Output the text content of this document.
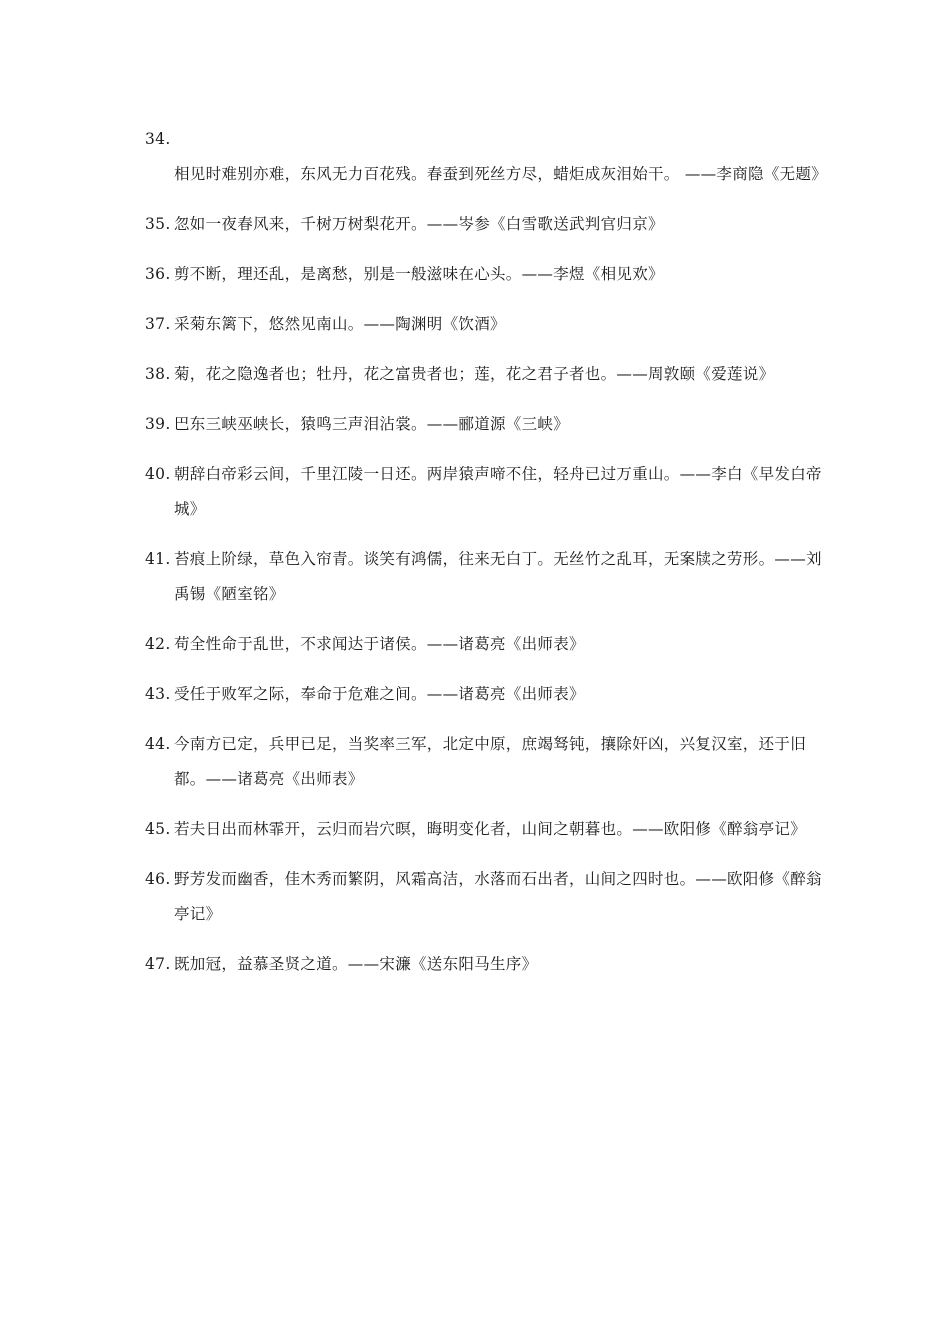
34.相见时难别亦难，东风无力百花残。春蚕到死丝方尽，蜡炬成灰泪始干。 ——李商隐《无题》
35. 忽如一夜春风来，千树万树梨花开。——岑参《白雪歌送武判官归京》
36. 剪不断，理还乱，是离愁，别是一般滋味在心头。——李煜《相见欢》
37. 采菊东篱下，悠然见南山。——陶渊明《饮酒》
38. 菊，花之隐逸者也；牡丹，花之富贵者也；莲，花之君子者也。——周敦颐《爱莲说》
39. 巴东三峡巫峡长，猿鸣三声泪沾裳。——郦道源《三峡》
40. 朝辞白帝彩云间，千里江陵一日还。两岸猿声啼不住，轻舟已过万重山。——李白《早发白帝城》
41. 苔痕上阶绿，草色入帘青。谈笑有鸿儒，往来无白丁。无丝竹之乱耳，无案牍之劳形。——刘禹锡《陋室铭》
42. 苟全性命于乱世，不求闻达于诸侯。——诸葛亮《出师表》
43. 受任于败军之际，奉命于危难之间。——诸葛亮《出师表》
44. 今南方已定，兵甲已足，当奖率三军，北定中原，庶竭驽钝，攘除奸凶，兴复汉室，还于旧都。——诸葛亮《出师表》
45. 若夫日出而林霏开，云归而岩穴暝，晦明变化者，山间之朝暮也。——欧阳修《醉翁亭记》
46. 野芳发而幽香，佳木秀而繁阴，风霜高洁，水落而石出者，山间之四时也。——欧阳修《醉翁亭记》
47. 既加冠，益慕圣贤之道。——宋濂《送东阳马生序》
